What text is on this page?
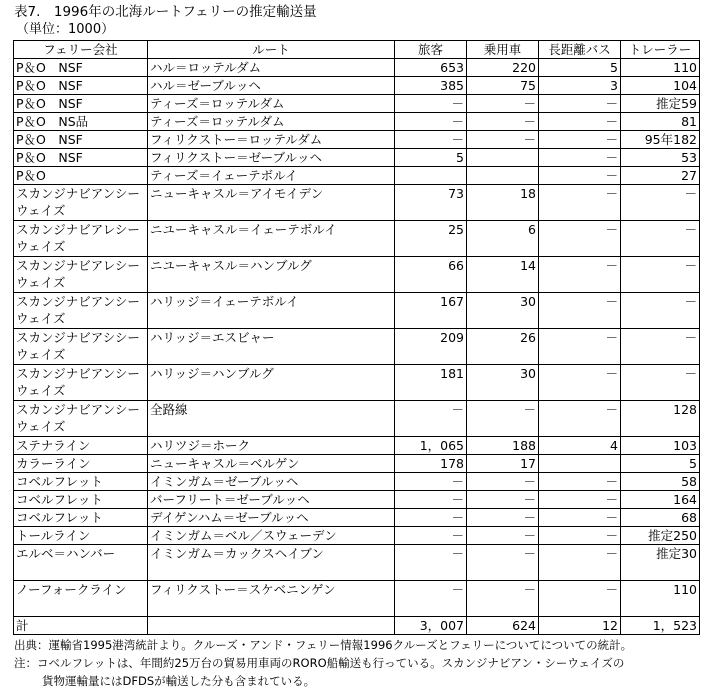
表7.　1996年の北海ルートフェリーの推定輸送量
（単位：1000）
フェリー会社	ルート	旅客	乗用車	長距離バス	トレーラー
P＆O　NSF	ハル＝ロッテルダム	653	220	5	110
P＆O　NSF	ハル＝ゼーブルッヘ	385	75	3	104
P＆O　NSF	ティーズ＝ロッテルダム	－	－	－	推定59
P＆O　NS品	ティーズ＝ロッテルダム	－	－	－	81
P＆O　NSF	フィリクストー＝ロッテルダム	－	－	－	95年182
P＆O　NSF	フィリクストー＝ゼーブルッヘ	5		－	53
P＆O	ティーズ＝イェーテボルイ			－	27
スカンジナビアンシーウェイズ	ニューキャスル＝アイモイデン	73	18	－	－
スカンジナビアレシーウェイズ	ニユーキャスル＝イェーテボルイ	25	6	－	－
スカンジナビアレシーウェイズ	ニユーキャスル＝ハンブルグ	66	14	－	－
スカンジナビアンシーウェイズ	ハリッジ＝イェーテボルイ	167	30	－	－
スカンジナビアシシーウェイズ	ハリッジ＝エスビャー	209	26	－	－
スカンジナビアンシーウェイズ	ハリッジ＝ハンブルグ	181	30	－	－
スカンジナビアンシーウェイズ	全路線	－	－	－	128
ステナライン	ハリツジ＝ホーク	1，065	188	4	103
カラーライン	ニューキャスル＝ベルゲン	178	17		5
コベルフレット	イミンガム＝ゼーブルッヘ	－	－	－	58
コベルフレット	バーフリート＝ゼーブルッヘ	－	－	－	164
コベルフレット	デイゲンハム＝ゼーブルッヘ	－	－	－	68
トールライン	イミンガム＝ベル／スウェーデン	－	－	－	推定250
エルベ＝ハンバー	イミンガム＝カックスヘイブン	－	－	－	推定30
ノーフォークライン	フィリクストー＝スケベニンゲン	－	－	－	110
計		3，007	624	12	1，523
出典：運輸省1995港湾統計より。クルーズ・アンド・フェリー情報1996クルーズとフェリーについてについての統計。
注：コベルフレットは、年間約25万台の貿易用車両のRORO船輸送も行っている。スカンジナビアン・シーウェイズの
貨物運輸量にはDFDSが輸送した分も含まれている。
